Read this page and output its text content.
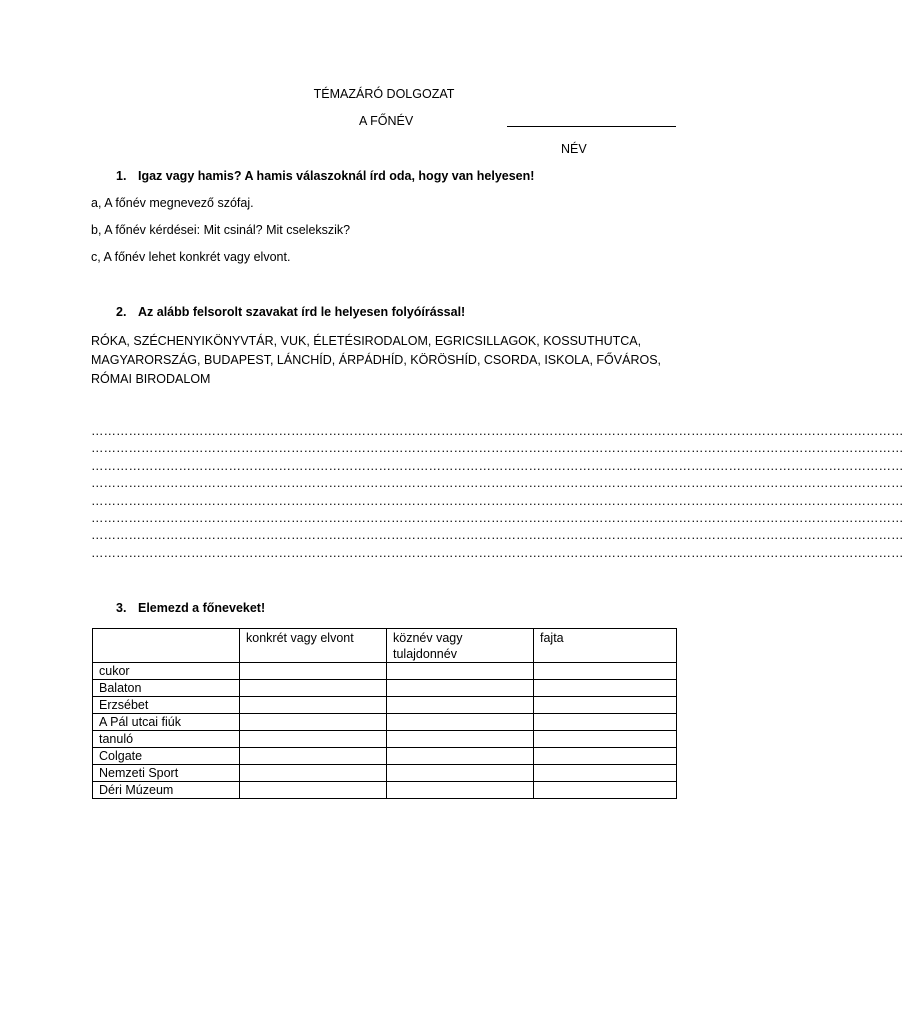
TÉMAZÁRÓ DOLGOZAT
A FŐNÉV
NÉV
1. Igaz vagy hamis? A hamis válaszoknál írd oda, hogy van helyesen!
a, A főnév megnevező szófaj.
b, A főnév kérdései: Mit csinál? Mit cselekszik?
c, A főnév lehet konkrét vagy elvont.
2. Az alább felsorolt szavakat írd le helyesen folyóírással!
RÓKA, SZÉCHENYIKÖNYVTÁR, VUK, ÉLETÉSIRODALOM, EGRICSILLAGOK, KOSSUTHUTCA, MAGYARORSZÁG, BUDAPEST, LÁNCHÍD, ÁRPÁDHÍD, KÖRÖSHÍD, CSORDA, ISKOLA, FŐVÁROS, RÓMAI BIRODALOM
……………………………………………………………………………………………………………………………………………………………………………
……………………………………………………………………………………………………………………………………………………………………………
……………………………………………………………………………………………………………………………………………………………………………
……………………………………………………………………………………………………………………………………………………………………………
……………………………………………………………………………………………………………………………………………………………………………
……………………………………………………………………………………………………………………………………………………………………………
……………………………………………………………………………………………………………………………………………………………………………
……………………………………………………………………………………………………………………………………………………………………………
3. Elemezd a főneveket!
	konkrét vagy elvont	köznév vagy tulajdonnév	fajta
cukor			
Balaton			
Erzsébet			
A Pál utcai fiúk			
tanuló			
Colgate			
Nemzeti Sport			
Déri Múzeum			
